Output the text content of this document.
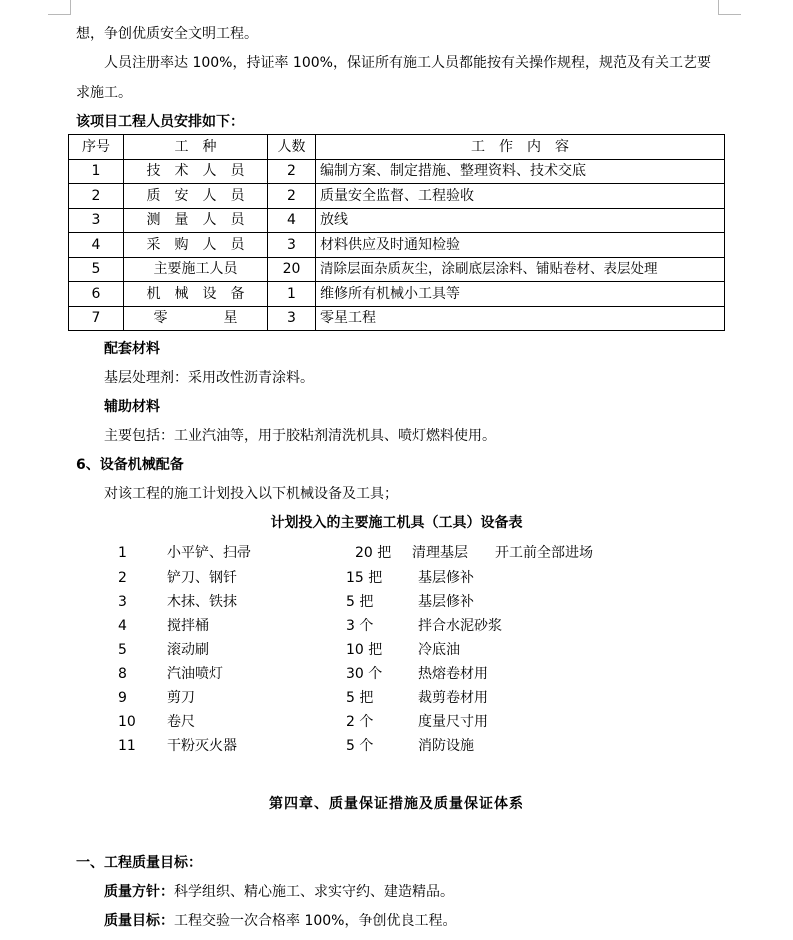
想，争创优质安全文明工程。
人员注册率达 100%，持证率 100%，保证所有施工人员都能按有关操作规程，规范及有关工艺要
求施工。
该项目工程人员安排如下：
序号	工　种	人数	工　作　内　容
1	技　术　人　员	2	编制方案、制定措施、整理资料、技术交底
2	质　安　人　员	2	质量安全监督、工程验收
3	测　量　人　员	4	放线
4	采　购　人　员	3	材料供应及时通知检验
5	主要施工人员	20	清除层面杂质灰尘，涂刷底层涂料、铺贴卷材、表层处理
6	机　械　设　备	1	维修所有机械小工具等
7	零　　　　星	3	零星工程
配套材料
基层处理剂：采用改性沥青涂料。
辅助材料
主要包括：工业汽油等，用于胶粘剂清洗机具、喷灯燃料使用。
6、设备机械配备
对该工程的施工计划投入以下机械设备及工具；
计划投入的主要施工机具（工具）设备表
1	小平铲、扫帚	20 把 清理基层 开工前全部进场
2	铲刀、钢钎	15 把	基层修补
3	木抹、铁抹	5 把	基层修补
4	搅拌桶	3 个	拌合水泥砂浆
5	滚动刷	10 把	冷底油
8	汽油喷灯	30 个	热熔卷材用
9	剪刀	5 把	裁剪卷材用
10 卷尺	2 个	度量尺寸用
11 干粉灭火器	5 个	消防设施
第四章、质量保证措施及质量保证体系
一、工程质量目标：
质量方针：科学组织、精心施工、求实守约、建造精品。
质量目标：工程交验一次合格率 100%，争创优良工程。
